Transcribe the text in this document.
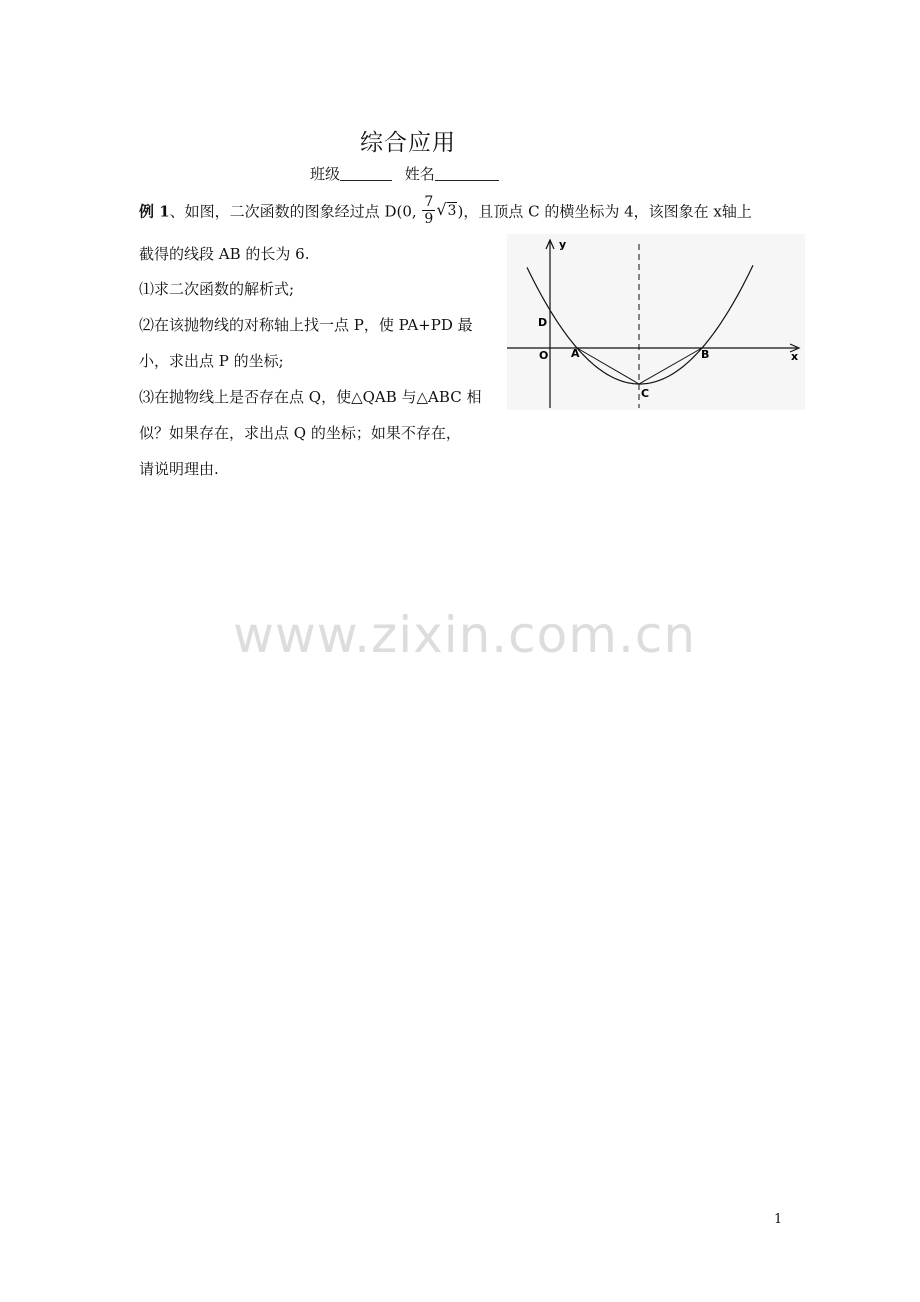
综合应用
班级	姓名
例 1、如图，二次函数的图象经过点 D(0, $\frac{7}{9} √3$)，且顶点 C 的横坐标为 4，该图象在 x轴上
截得的线段 AB 的长为 6.
⑴求二次函数的解析式;
⑵在该抛物线的对称轴上找一点 P，使 PA+PD 最
小，求出点 P 的坐标;
⑶在抛物线上是否存在点 Q，使△QAB 与△ABC 相
似？如果存在，求出点 Q 的坐标；如果不存在，
请说明理由.
y
x
O
D
A	B
C
www.zixin.com.cn
1
